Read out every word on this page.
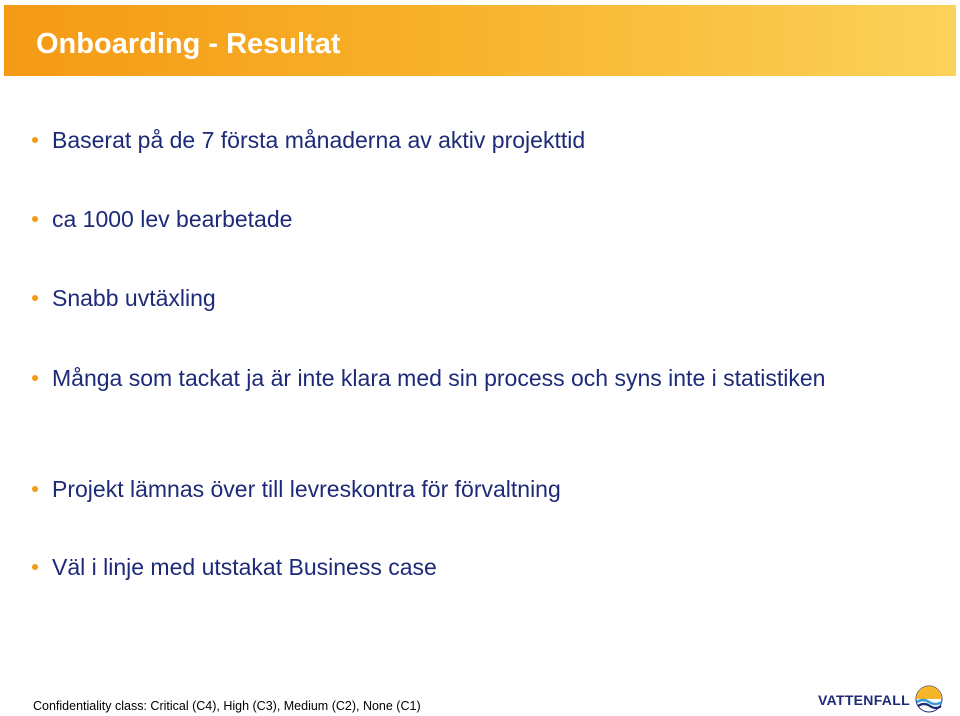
Onboarding - Resultat
Baserat på de 7 första månaderna av aktiv projekttid
ca 1000 lev bearbetade
Snabb uvtäxling
Många som tackat ja är inte klara med sin process och syns inte i statistiken
Projekt lämnas över till levreskontra för förvaltning
Väl i linje med utstakat Business case
Confidentiality class: Critical (C4), High (C3), Medium (C2), None (C1)	VATTENFALL
